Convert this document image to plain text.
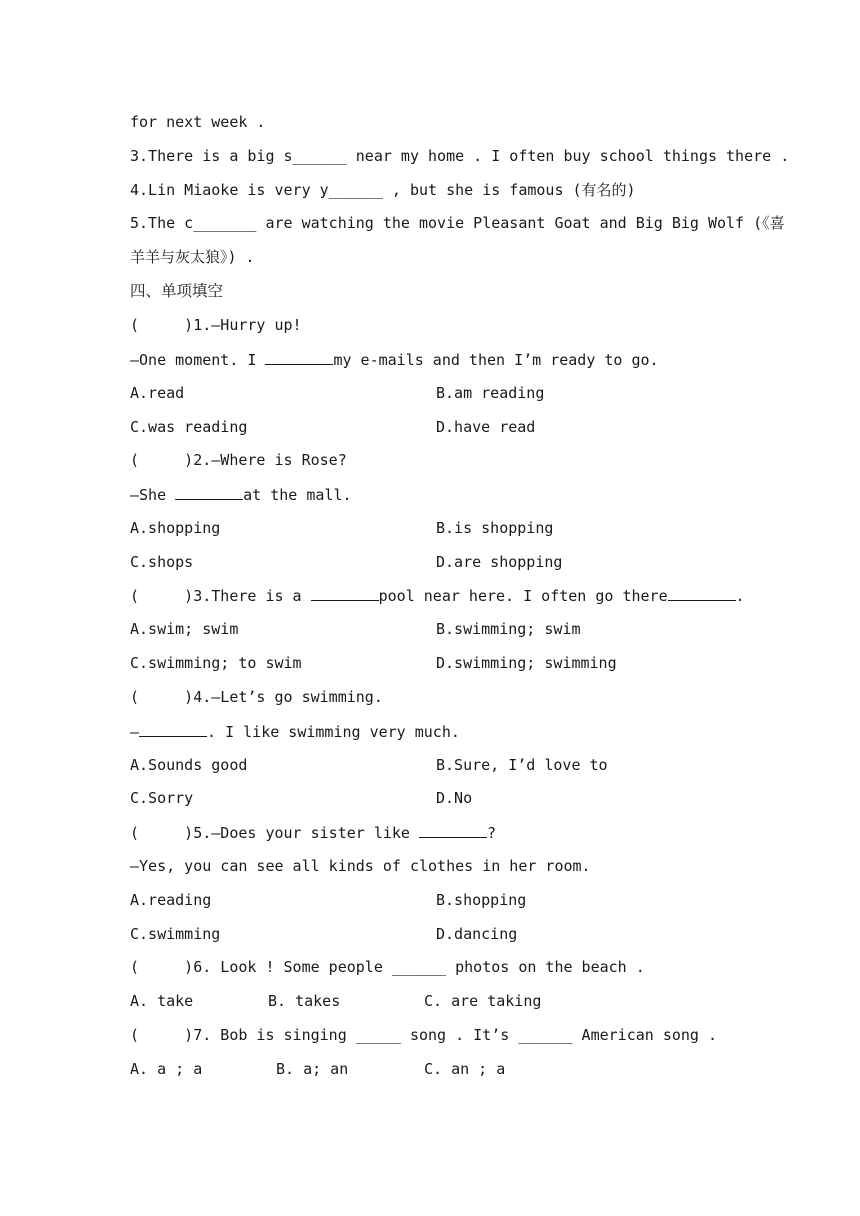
for next week .
3.There is a big s______ near my home . I often buy school things there .
4.Lin Miaoke is very y______ , but she is famous (有名的)
5.The c_______ are watching the movie Pleasant Goat and Big Big Wolf (《喜
羊羊与灰太狼》) .
四、单项填空
(     )1.—Hurry up!
—One moment. I	my e-mails and then I’m ready to go.
A.read	B.am reading
C.was reading	D.have read
(     )2.—Where is Rose?
—She	at the mall.
A.shopping	B.is shopping
C.shops	D.are shopping
(     )3.There is a	pool near here. I often go there	.
A.swim; swim	B.swimming; swim
C.swimming; to swim	D.swimming; swimming
(     )4.—Let’s go swimming.
—	. I like swimming very much.
A.Sounds good	B.Sure, I’d love to
C.Sorry	D.No
(     )5.—Does your sister like	?
—Yes, you can see all kinds of clothes in her room.
A.reading	B.shopping
C.swimming	D.dancing
(     )6. Look ! Some people ______ photos on the beach .
A. take	B. takes	C. are taking
(     )7. Bob is singing _____ song . It’s ______ American song .
A. a ; a	B. a; an	C. an ; a
